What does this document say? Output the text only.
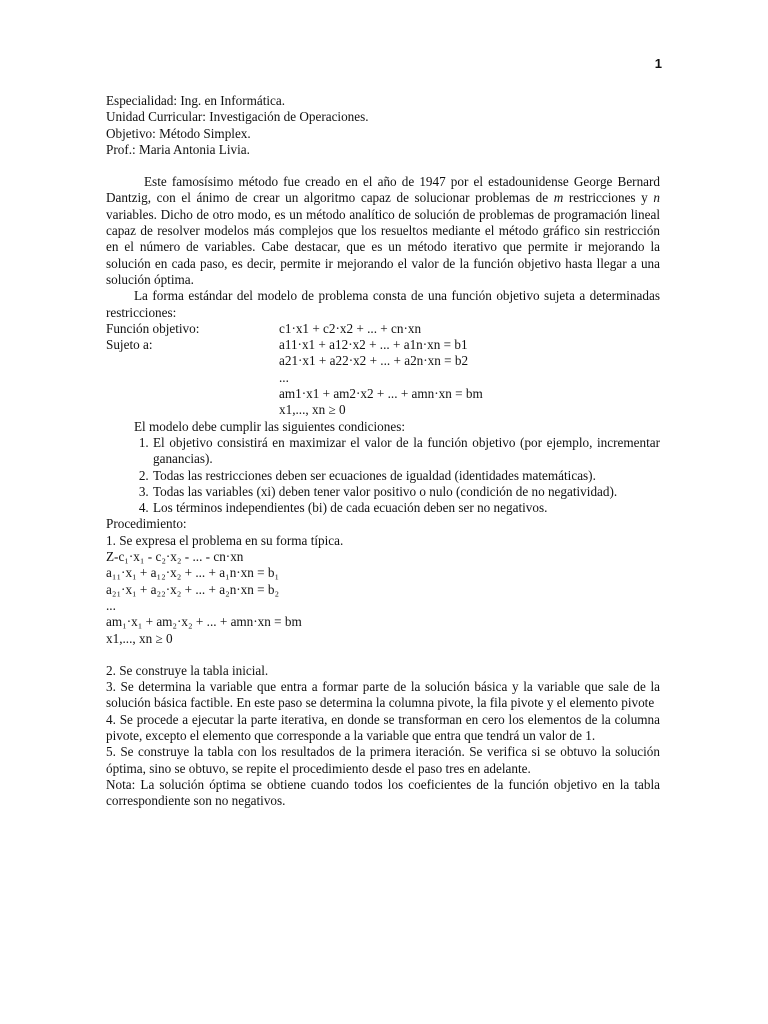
1
Especialidad: Ing. en Informática.
Unidad Curricular: Investigación de Operaciones.
Objetivo: Método Simplex.
Prof.: Maria Antonia Livia.
Este famosísimo método fue creado en el año de 1947 por el estadounidense George Bernard Dantzig, con el ánimo de crear un algoritmo capaz de solucionar problemas de m restricciones y n variables. Dicho de otro modo, es un método analítico de solución de problemas de programación lineal capaz de resolver modelos más complejos que los resueltos mediante el método gráfico sin restricción en el número de variables. Cabe destacar, que es un método iterativo que permite ir mejorando la solución en cada paso, es decir, permite ir mejorando el valor de la función objetivo hasta llegar a una solución óptima.
La forma estándar del modelo de problema consta de una función objetivo sujeta a determinadas restricciones:
Función objetivo:	c1·x1 + c2·x2 + ... + cn·xn
Sujeto a:	a11·x1 + a12·x2 + ... + a1n·xn = b1
a21·x1 + a22·x2 + ... + a2n·xn = b2
...
am1·x1 + am2·x2 + ... + amn·xn = bm
x1,..., xn ≥ 0
El modelo debe cumplir las siguientes condiciones:
1. El objetivo consistirá en maximizar el valor de la función objetivo (por ejemplo, incrementar ganancias).
2. Todas las restricciones deben ser ecuaciones de igualdad (identidades matemáticas).
3. Todas las variables (xi) deben tener valor positivo o nulo (condición de no negatividad).
4. Los términos independientes (bi) de cada ecuación deben ser no negativos.
Procedimiento:
1. Se expresa el problema en su forma típica.
Z-c₁·x₁ - c₂·x₂ - ... - cn·xn
a₁₁·x₁ + a₁₂·x₂ + ... + a₁n·xn = b₁
a₂₁·x₁ + a₂₂·x₂ + ... + a₂n·xn = b₂
...
am₁·x₁ + am₂·x₂ + ... + amn·xn = bm
x1,..., xn ≥ 0
2. Se construye la tabla inicial.
3. Se determina la variable que entra a formar parte de la solución básica y la variable que sale de la solución básica factible. En este paso se determina la columna pivote, la fila pivote y el elemento pivote
4. Se procede a ejecutar la parte iterativa, en donde se transforman en cero los elementos de la columna pivote, excepto el elemento que corresponde a la variable que entra que tendrá un valor de 1.
5. Se construye la tabla con los resultados de la primera iteración. Se verifica si se obtuvo la solución óptima, sino se obtuvo, se repite el procedimiento desde el paso tres en adelante.
Nota: La solución óptima se obtiene cuando todos los coeficientes de la función objetivo en la tabla correspondiente son no negativos.
